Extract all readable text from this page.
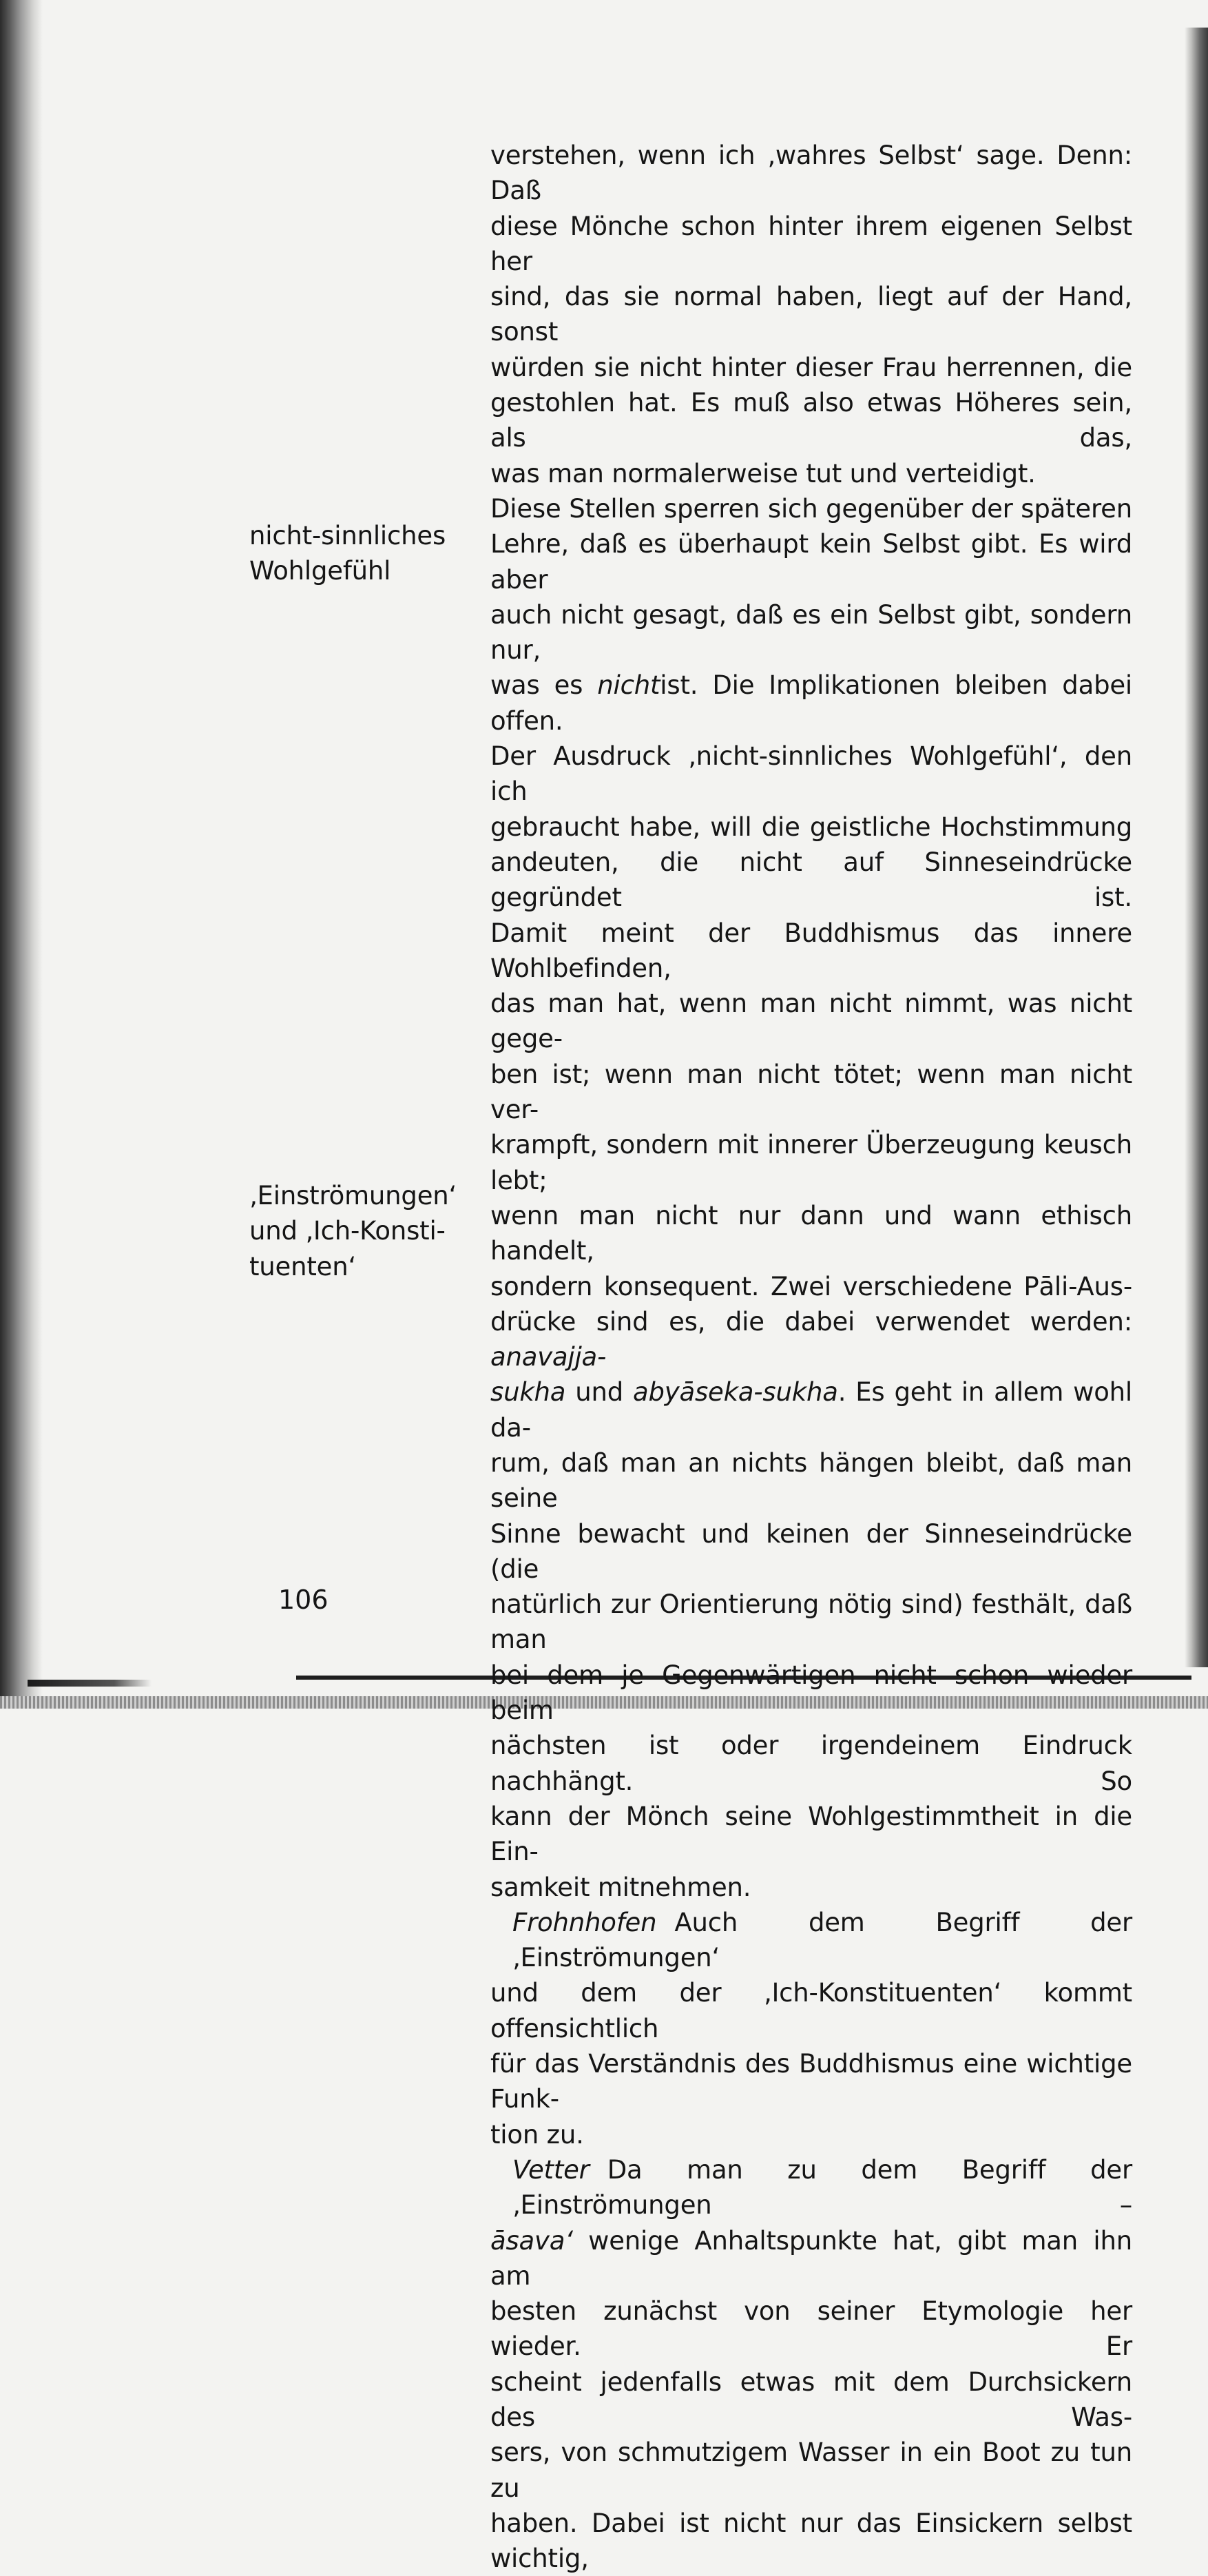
nicht-sinnliches
Wohlgefühl
‚Einströmungen‘
und ‚Ich-Konsti-
tuenten‘
verstehen, wenn ich ‚wahres Selbst‘ sage. Denn: Daß
diese Mönche schon hinter ihrem eigenen Selbst her
sind, das sie normal haben, liegt auf der Hand, sonst
würden sie nicht hinter dieser Frau herrennen, die
gestohlen hat. Es muß also etwas Höheres sein, als das,
was man normalerweise tut und verteidigt.
Diese Stellen sperren sich gegenüber der späteren
Lehre, daß es überhaupt kein Selbst gibt. Es wird aber
auch nicht gesagt, daß es ein Selbst gibt, sondern nur,
was es nichtist. Die Implikationen bleiben dabei offen.
Der Ausdruck ‚nicht-sinnliches Wohlgefühl‘, den ich
gebraucht habe, will die geistliche Hochstimmung
andeuten, die nicht auf Sinneseindrücke gegründet ist.
Damit meint der Buddhismus das innere Wohlbefinden,
das man hat, wenn man nicht nimmt, was nicht gege-
ben ist; wenn man nicht tötet; wenn man nicht ver-
krampft, sondern mit innerer Überzeugung keusch lebt;
wenn man nicht nur dann und wann ethisch handelt,
sondern konsequent. Zwei verschiedene Pāli-Aus-
drücke sind es, die dabei verwendet werden: anavajja-
sukha und abyāseka-sukha. Es geht in allem wohl da-
rum, daß man an nichts hängen bleibt, daß man seine
Sinne bewacht und keinen der Sinneseindrücke (die
natürlich zur Orientierung nötig sind) festhält, daß man
bei dem je Gegenwärtigen nicht schon wieder beim
nächsten ist oder irgendeinem Eindruck nachhängt. So
kann der Mönch seine Wohlgestimmtheit in die Ein-
samkeit mitnehmen.
Frohnhofen Auch dem Begriff der ‚Einströmungen‘
und dem der ‚Ich-Konstituenten‘ kommt offensichtlich
für das Verständnis des Buddhismus eine wichtige Funk-
tion zu.
Vetter Da man zu dem Begriff der ‚Einströmungen –
āsava‘ wenige Anhaltspunkte hat, gibt man ihn am
besten zunächst von seiner Etymologie her wieder. Er
scheint jedenfalls etwas mit dem Durchsickern des Was-
sers, von schmutzigem Wasser in ein Boot zu tun zu
haben. Dabei ist nicht nur das Einsickern selbst wichtig,
106
